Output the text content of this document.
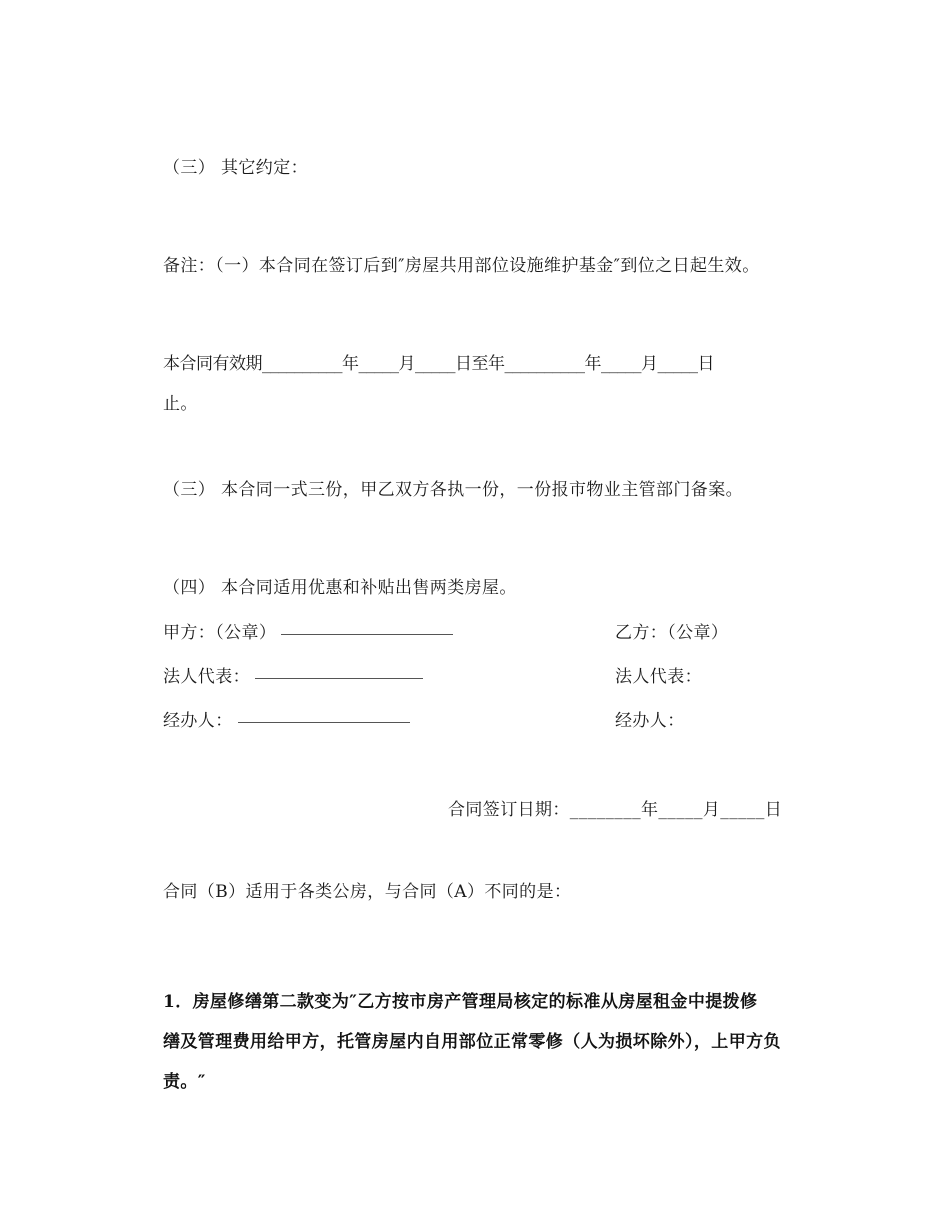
（三） 其它约定：

备注：（一）本合同在签订后到″房屋共用部位设施维护基金″到位之日起生效。

本合同有效期__________年_____月_____日至年__________年_____月_____日

止。

（三） 本合同一式三份，甲乙双方各执一份，一份报市物业主管部门备案。

（四） 本合同适用优惠和补贴出售两类房屋。

甲方：（公章）	乙方：（公章）
法人代表：	法人代表：
经办人：	经办人：
合同签订日期：________年_____月_____日

合同（B）适用于各类公房，与合同（A）不同的是：

1．房屋修缮第二款变为″乙方按市房产管理局核定的标准从房屋租金中提拨修

缮及管理费用给甲方，托管房屋内自用部位正常零修（人为损坏除外），上甲方负

责。″
